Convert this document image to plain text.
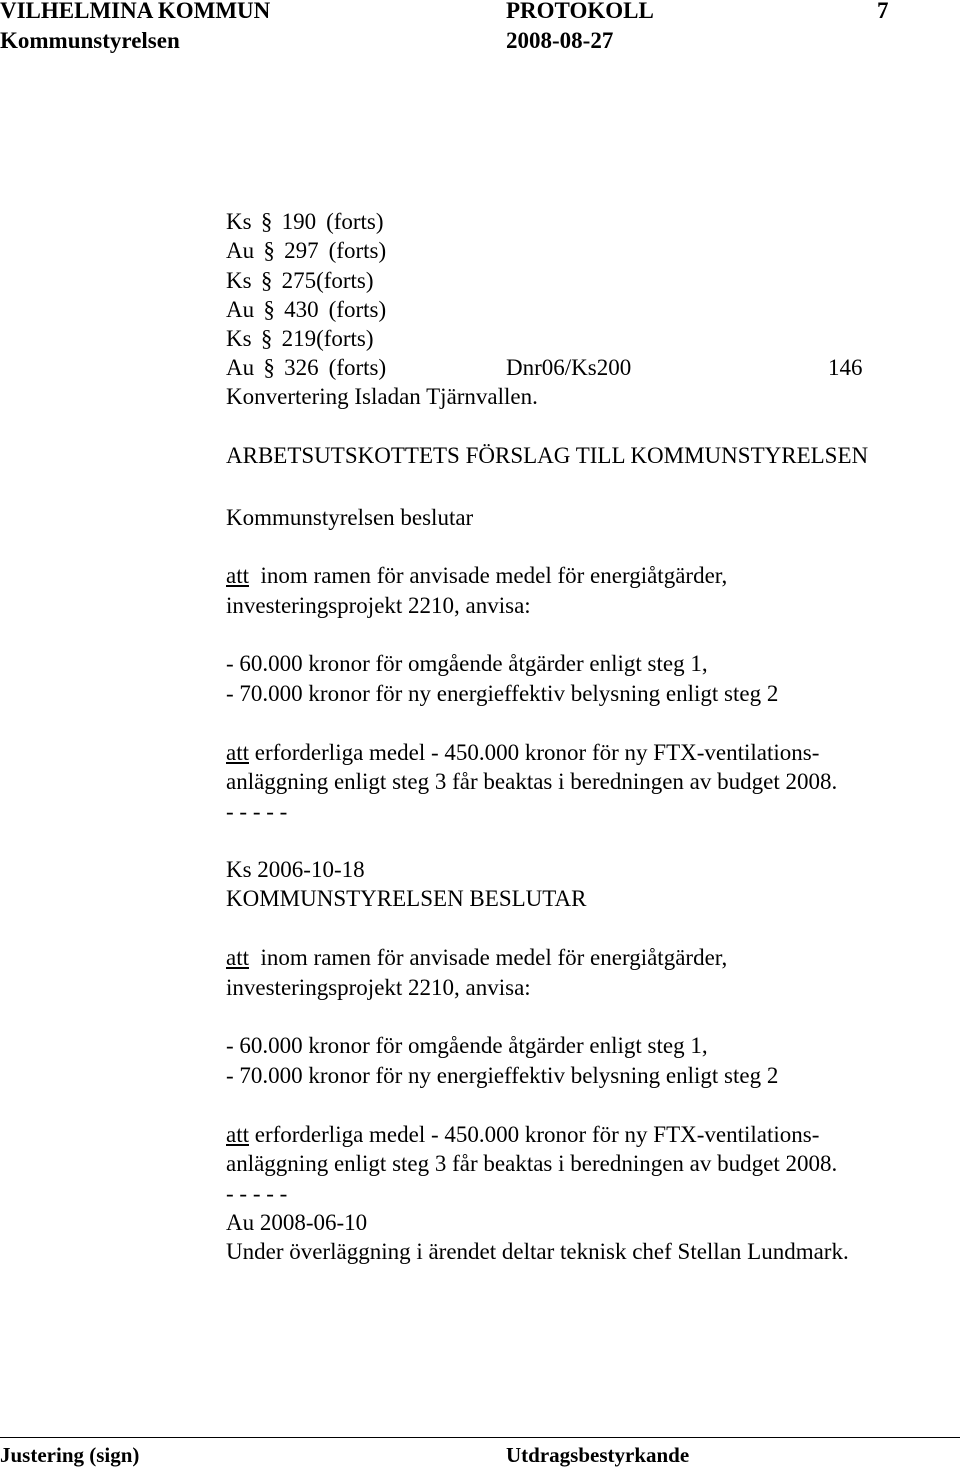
VILHELMINA KOMMUN	PROTOKOLL	7
Kommunstyrelsen	2008-08-27
Ks § 190 (forts)
Au § 297 (forts)
Ks § 275(forts)
Au § 430 (forts)
Ks § 219(forts)
Au § 326 (forts)	Dnr06/Ks200	146
Konvertering Isladan Tjärnvallen.
ARBETSUTSKOTTETS FÖRSLAG TILL KOMMUNSTYRELSEN
Kommunstyrelsen beslutar
att inom ramen för anvisade medel för energiåtgärder,
investeringsprojekt 2210, anvisa:
- 60.000 kronor för omgående åtgärder enligt steg 1,
- 70.000 kronor för ny energieffektiv belysning enligt steg 2
att erforderliga medel - 450.000 kronor för ny FTX-ventilations-
anläggning enligt steg 3 får beaktas i beredningen av budget 2008.
- - - - -
Ks 2006-10-18
KOMMUNSTYRELSEN BESLUTAR
att inom ramen för anvisade medel för energiåtgärder,
investeringsprojekt 2210, anvisa:
- 60.000 kronor för omgående åtgärder enligt steg 1,
- 70.000 kronor för ny energieffektiv belysning enligt steg 2
att erforderliga medel - 450.000 kronor för ny FTX-ventilations-
anläggning enligt steg 3 får beaktas i beredningen av budget 2008.
- - - - -
Au 2008-06-10
Under överläggning i ärendet deltar teknisk chef Stellan Lundmark.
Justering (sign)	Utdragsbestyrkande
